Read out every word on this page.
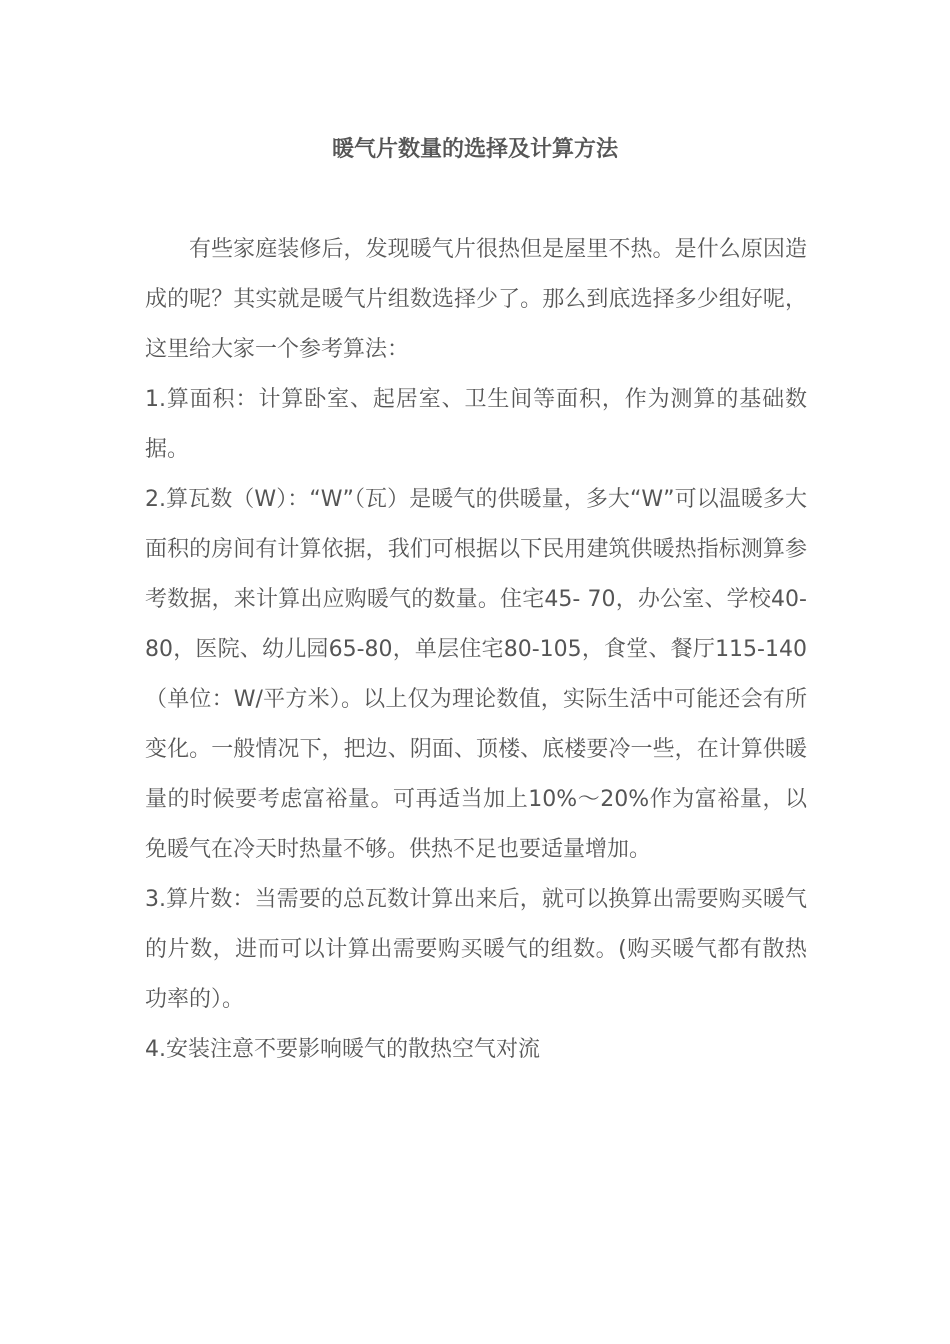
暖气片数量的选择及计算方法

有些家庭装修后，发现暖气片很热但是屋里不热。是什么原因造成的呢？其实就是暖气片组数选择少了。那么到底选择多少组好呢，这里给大家一个参考算法：

1.算面积：计算卧室、起居室、卫生间等面积，作为测算的基础数据。

2.算瓦数（W）：“W”（瓦）是暖气的供暖量，多大“W”可以温暖多大面积的房间有计算依据，我们可根据以下民用建筑供暖热指标测算参考数据，来计算出应购暖气的数量。住宅45- 70，办公室、学校40-80，医院、幼儿园65-80，单层住宅80-105，食堂、餐厅115-140（单位：W/平方米）。以上仅为理论数值，实际生活中可能还会有所变化。一般情况下，把边、阴面、顶楼、底楼要冷一些，在计算供暖量的时候要考虑富裕量。可再适当加上10%～20%作为富裕量，以免暖气在冷天时热量不够。供热不足也要适量增加。

3.算片数：当需要的总瓦数计算出来后，就可以换算出需要购买暖气的片数，进而可以计算出需要购买暖气的组数。(购买暖气都有散热功率的）。

4.安装注意不要影响暖气的散热空气对流
